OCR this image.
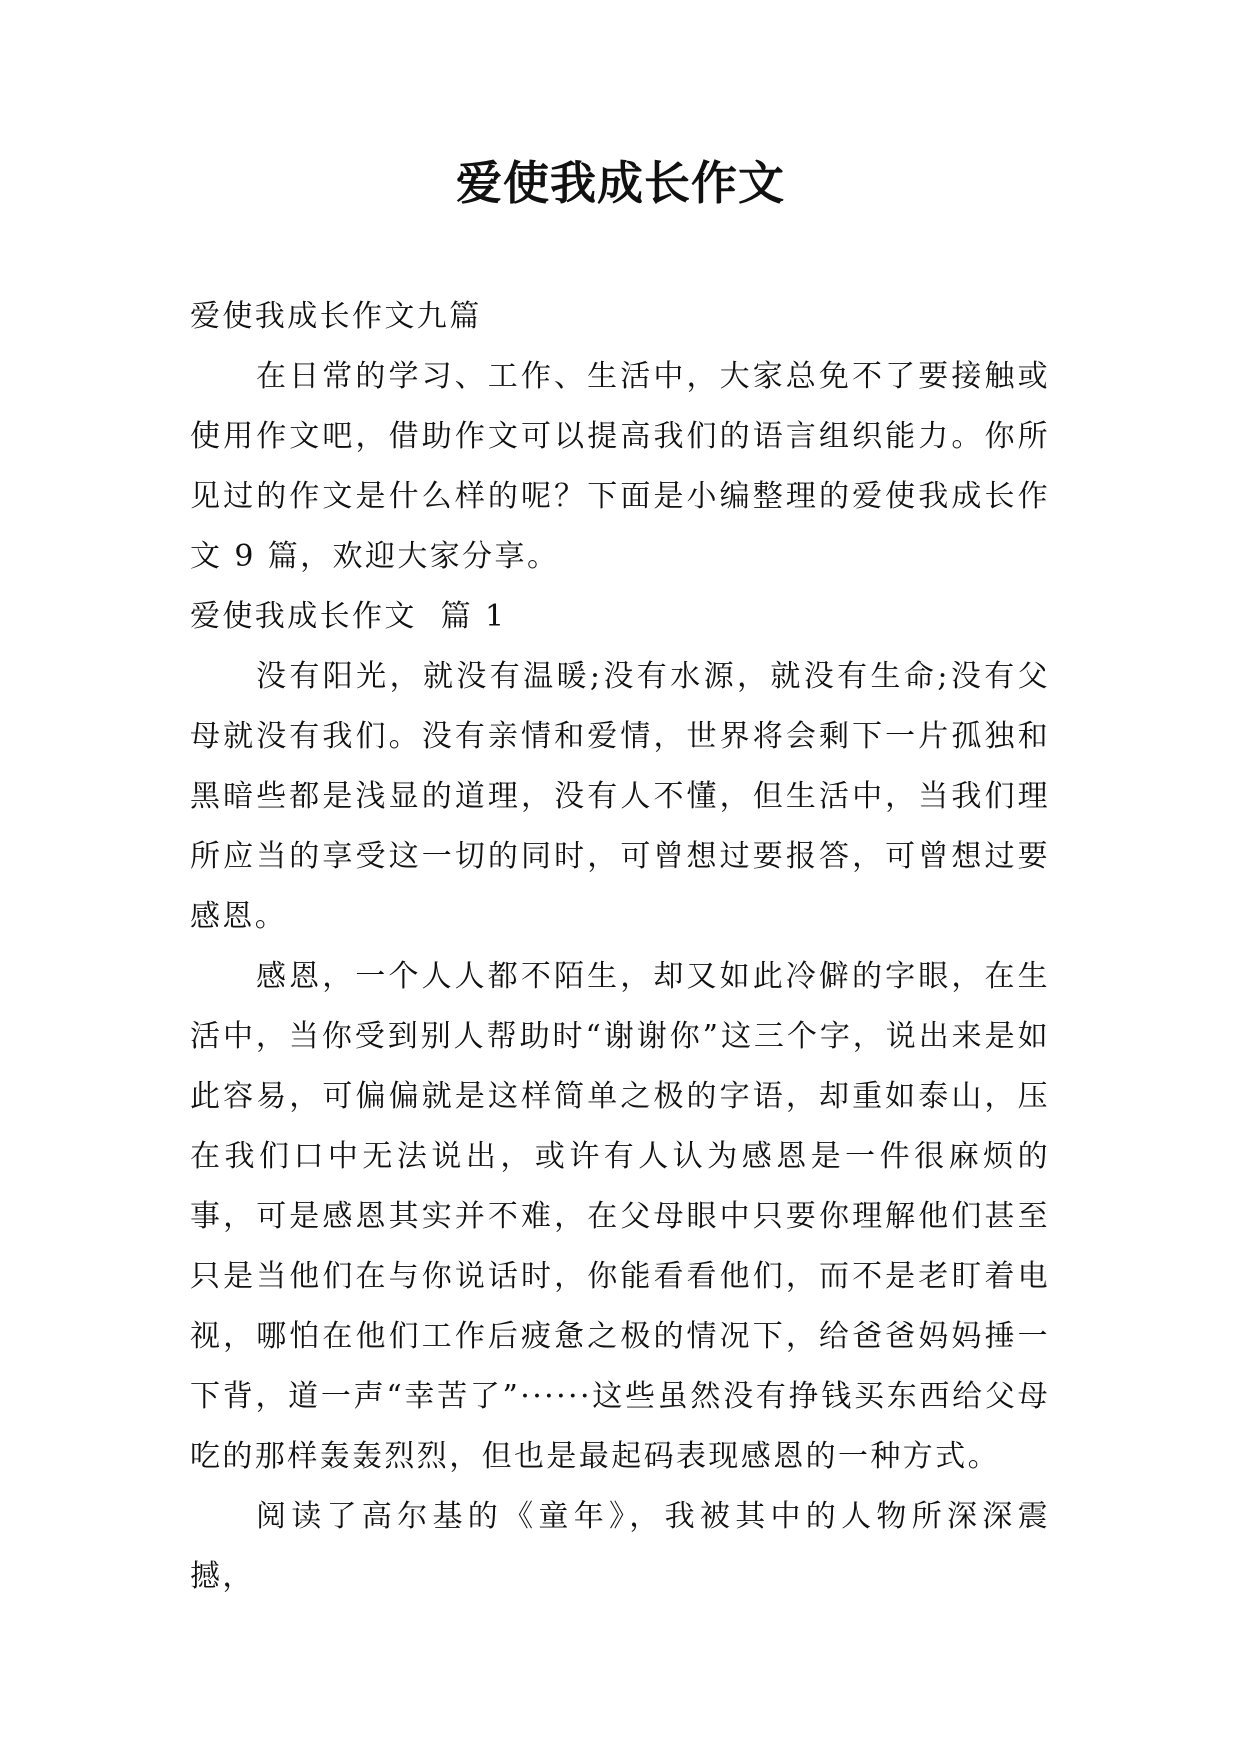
爱使我成长作文

爱使我成长作文九篇

在日常的学习、工作、生活中，大家总免不了要接触或使用作文吧，借助作文可以提高我们的语言组织能力。你所见过的作文是什么样的呢？下面是小编整理的爱使我成长作文 9 篇，欢迎大家分享。

爱使我成长作文  篇 1

没有阳光，就没有温暖;没有水源，就没有生命;没有父母就没有我们。没有亲情和爱情，世界将会剩下一片孤独和黑暗些都是浅显的道理，没有人不懂，但生活中，当我们理所应当的享受这一切的同时，可曾想过要报答，可曾想过要感恩。

感恩，一个人人都不陌生，却又如此冷僻的字眼，在生活中，当你受到别人帮助时“谢谢你”这三个字，说出来是如此容易，可偏偏就是这样简单之极的字语，却重如泰山，压在我们口中无法说出，或许有人认为感恩是一件很麻烦的事，可是感恩其实并不难，在父母眼中只要你理解他们甚至只是当他们在与你说话时，你能看看他们，而不是老盯着电视，哪怕在他们工作后疲惫之极的情况下，给爸爸妈妈捶一下背，道一声“幸苦了”······这些虽然没有挣钱买东西给父母吃的那样轰轰烈烈，但也是最起码表现感恩的一种方式。

阅读了高尔基的《童年》，我被其中的人物所深深震撼，
